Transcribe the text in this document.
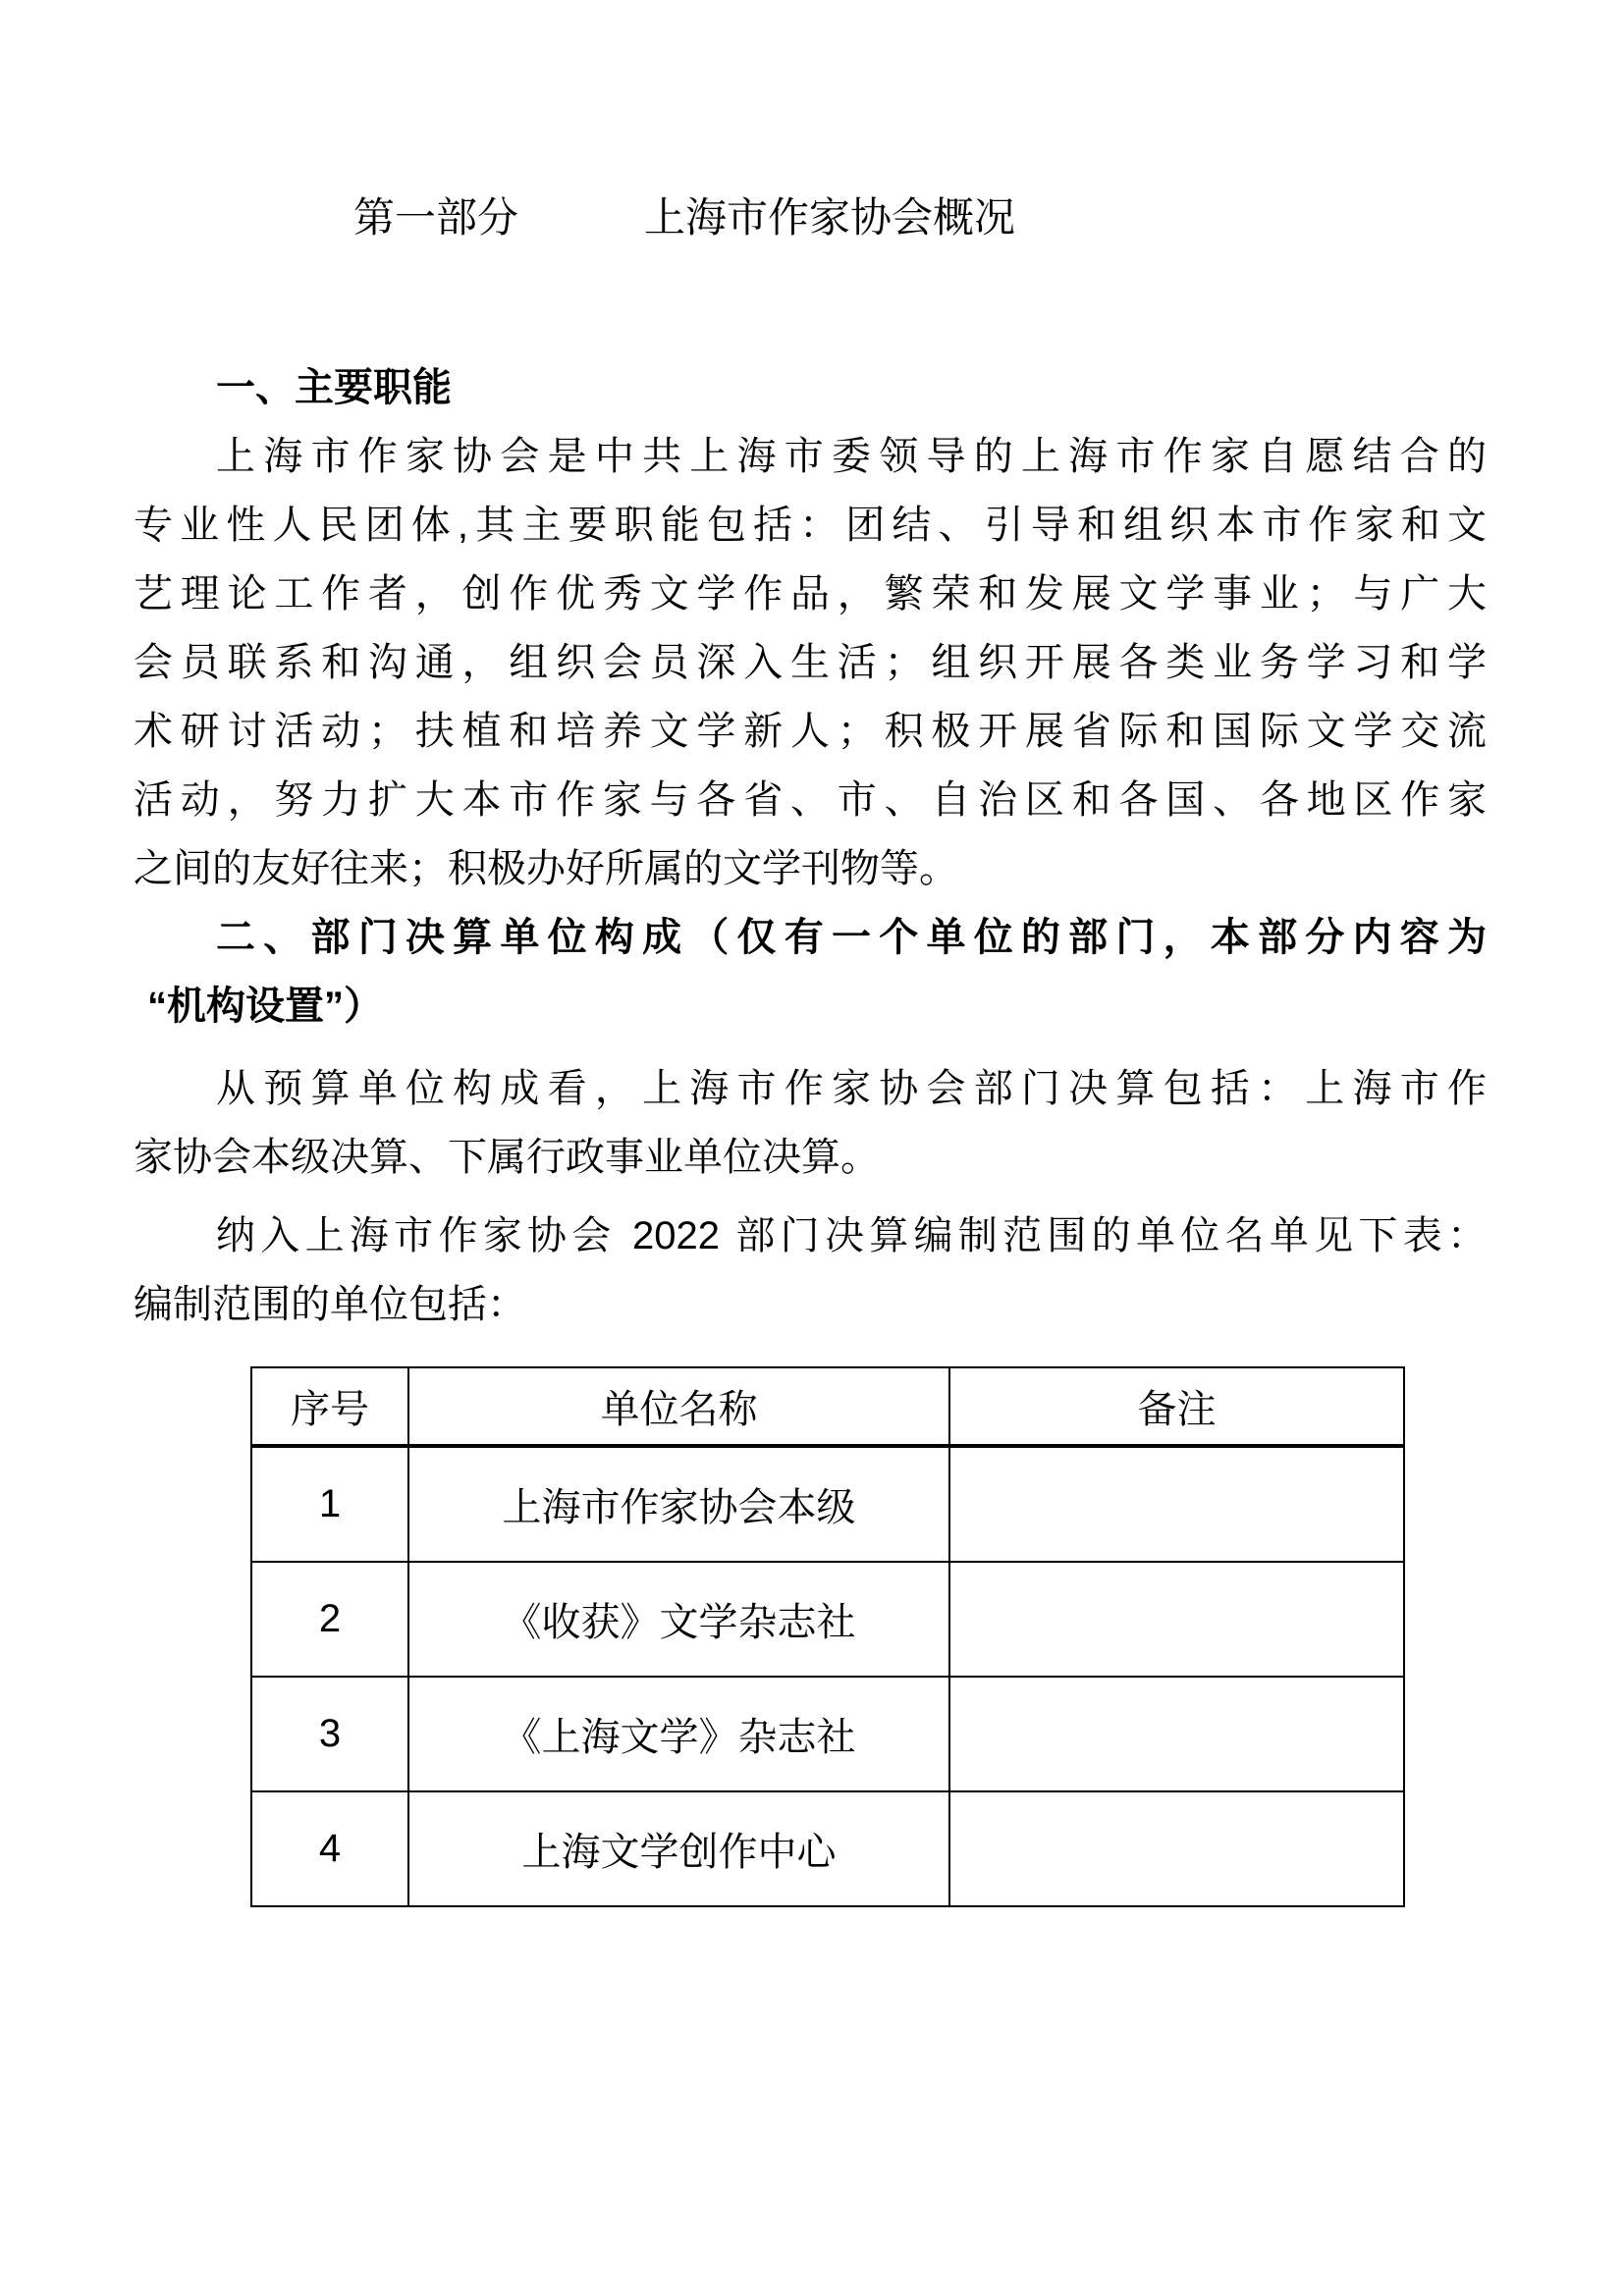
第一部分	上海市作家协会概况
一、主要职能
上海市作家协会是中共上海市委领导的上海市作家自愿结合的
专业性人民团体,其主要职能包括：团结、引导和组织本市作家和文
艺理论工作者，创作优秀文学作品，繁荣和发展文学事业；与广大
会员联系和沟通，组织会员深入生活；组织开展各类业务学习和学
术研讨活动；扶植和培养文学新人；积极开展省际和国际文学交流
活动，努力扩大本市作家与各省、市、自治区和各国、各地区作家
之间的友好往来；积极办好所属的文学刊物等。
二、部门决算单位构成（仅有一个单位的部门，本部分内容为
“机构设置”）
从预算单位构成看，上海市作家协会部门决算包括：上海市作
家协会本级决算、下属行政事业单位决算。
纳入上海市作家协会 2022 部门决算编制范围的单位名单见下表：
编制范围的单位包括：
序号	单位名称	备注
1	上海市作家协会本级	
2	《收获》文学杂志社	
3	《上海文学》杂志社	
4	上海文学创作中心	
